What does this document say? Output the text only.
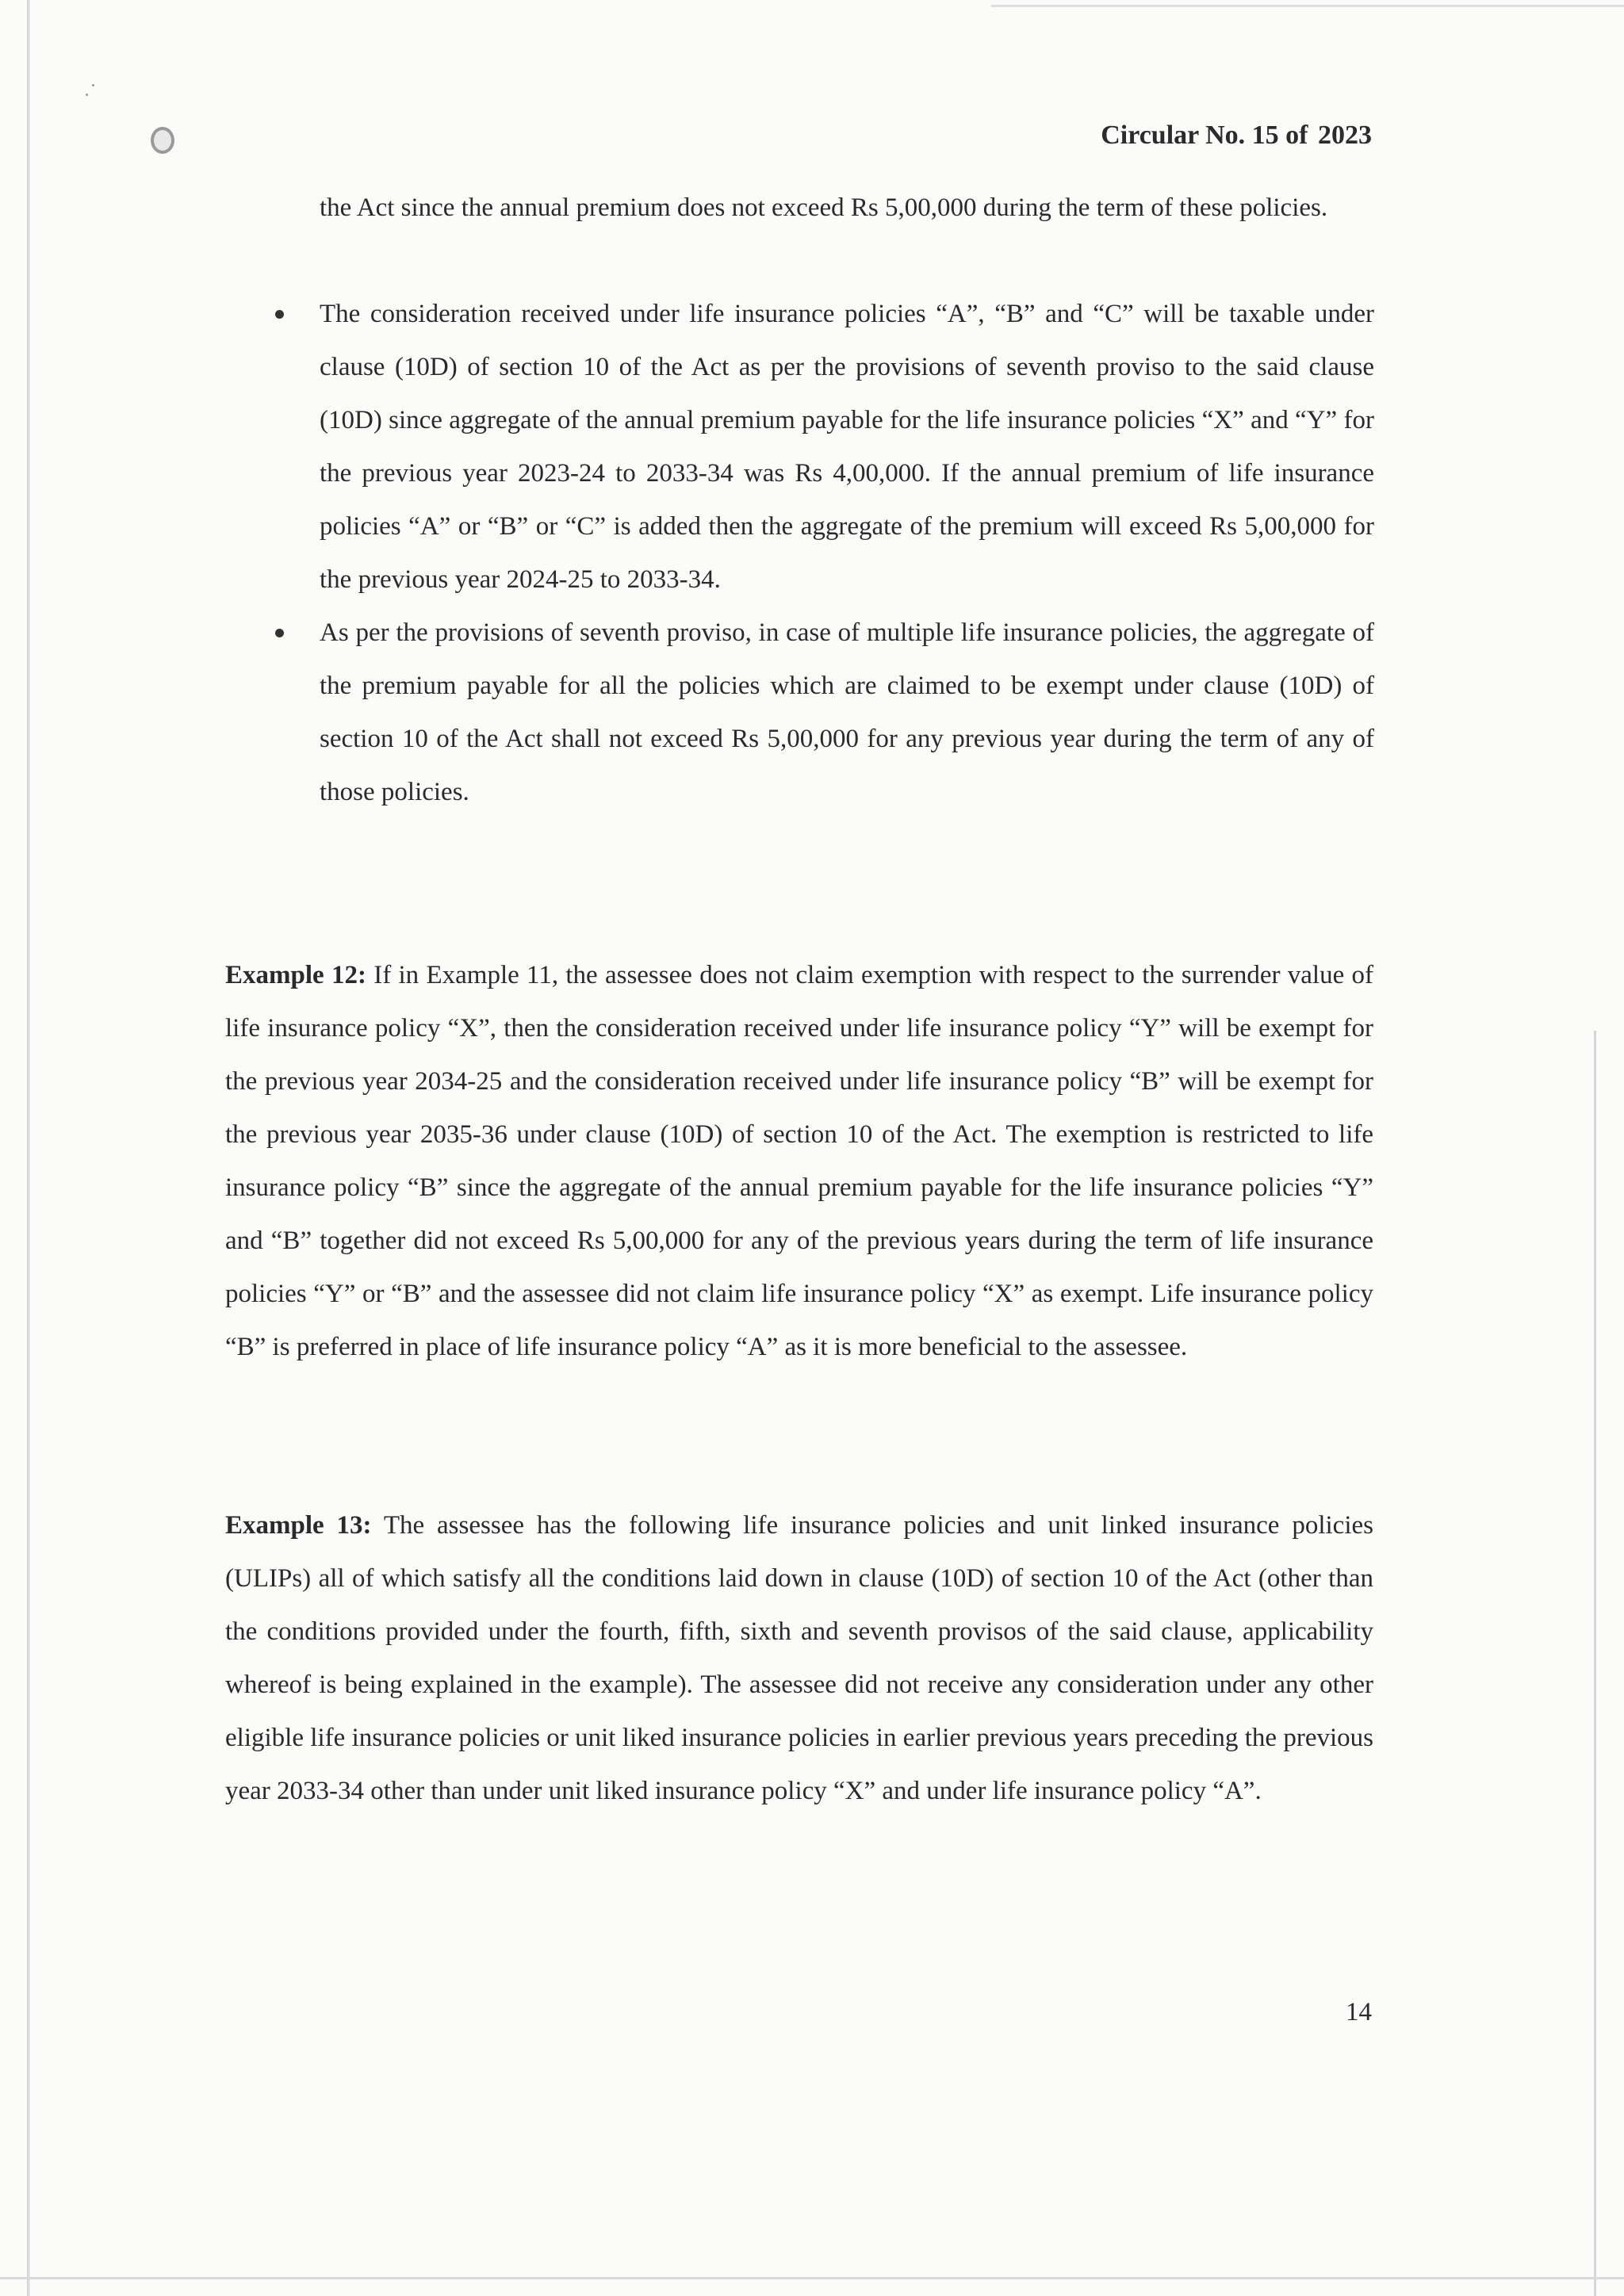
Circular No. 15 of 2023

the Act since the annual premium does not exceed Rs 5,00,000 during the term of these policies.

The consideration received under life insurance policies “A”, “B” and “C” will be taxable under clause (10D) of section 10 of the Act as per the provisions of seventh proviso to the said clause (10D) since aggregate of the annual premium payable for the life insurance policies “X” and “Y” for the previous year 2023-24 to 2033-34 was Rs 4,00,000. If the annual premium of life insurance policies “A” or “B” or “C” is added then the aggregate of the premium will exceed Rs 5,00,000 for the previous year 2024-25 to 2033-34.
As per the provisions of seventh proviso, in case of multiple life insurance policies, the aggregate of the premium payable for all the policies which are claimed to be exempt under clause (10D) of section 10 of the Act shall not exceed Rs 5,00,000 for any previous year during the term of any of those policies.

Example 12: If in Example 11, the assessee does not claim exemption with respect to the surrender value of life insurance policy “X”, then the consideration received under life insurance policy “Y” will be exempt for the previous year 2034-25 and the consideration received under life insurance policy “B” will be exempt for the previous year 2035-36 under clause (10D) of section 10 of the Act. The exemption is restricted to life insurance policy “B” since the aggregate of the annual premium payable for the life insurance policies “Y” and “B” together did not exceed Rs 5,00,000 for any of the previous years during the term of life insurance policies “Y” or “B” and the assessee did not claim life insurance policy “X” as exempt. Life insurance policy “B” is preferred in place of life insurance policy “A” as it is more beneficial to the assessee.

Example 13: The assessee has the following life insurance policies and unit linked insurance policies (ULIPs) all of which satisfy all the conditions laid down in clause (10D) of section 10 of the Act (other than the conditions provided under the fourth, fifth, sixth and seventh provisos of the said clause, applicability whereof is being explained in the example). The assessee did not receive any consideration under any other eligible life insurance policies or unit liked insurance policies in earlier previous years preceding the previous year 2033-34 other than under unit liked insurance policy “X” and under life insurance policy “A”.

14
